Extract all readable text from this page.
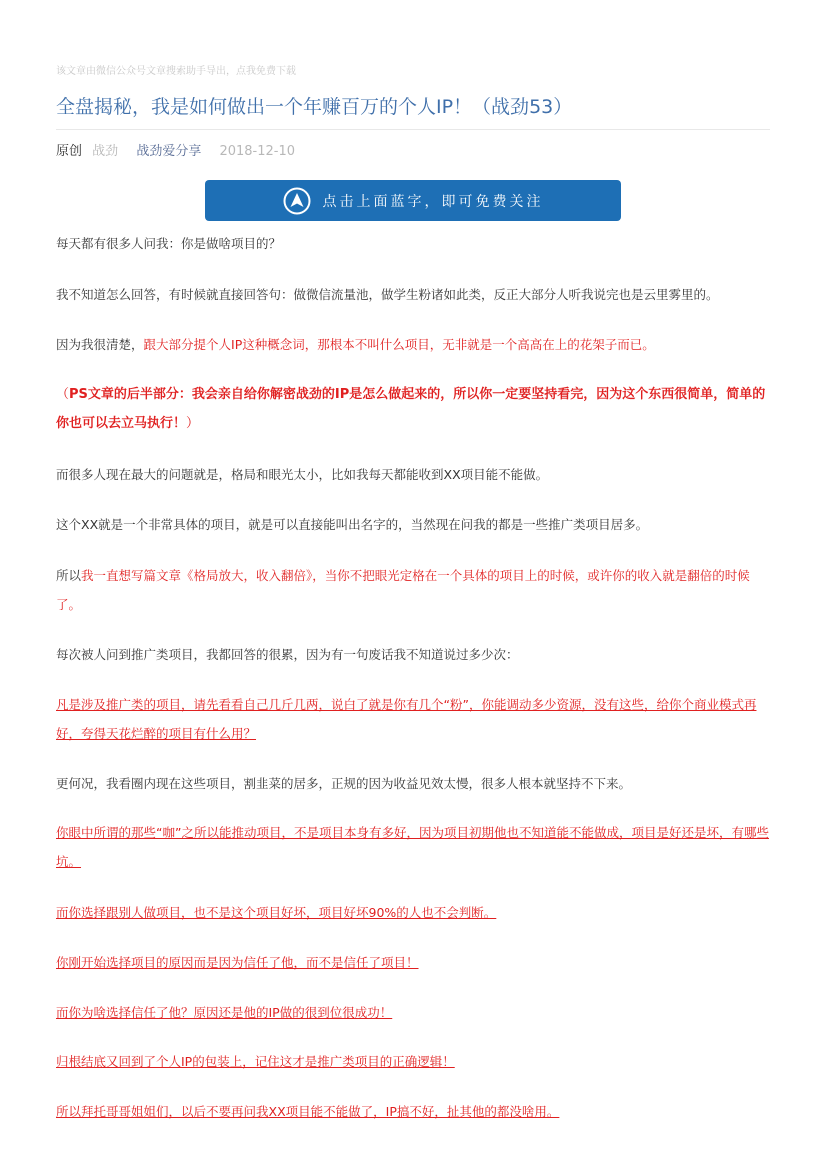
该文章由微信公众号文章搜索助手导出，点我免费下载
全盘揭秘，我是如何做出一个年赚百万的个人IP！（战劲53）
原创 战劲 战劲爱分享 2018-12-10
点击上面蓝字，即可免费关注

每天都有很多人问我：你是做啥项目的？

我不知道怎么回答，有时候就直接回答句：做微信流量池，做学生粉诸如此类，反正大部分人听我说完也是云里雾里的。

因为我很清楚，跟大部分提个人IP这种概念词，那根本不叫什么项目，无非就是一个高高在上的花架子而已。

（PS文章的后半部分：我会亲自给你解密战劲的IP是怎么做起来的，所以你一定要坚持看完，因为这个东西很简单，简单的你也可以去立马执行！）

而很多人现在最大的问题就是，格局和眼光太小，比如我每天都能收到XX项目能不能做。

这个XX就是一个非常具体的项目，就是可以直接能叫出名字的，当然现在问我的都是一些推广类项目居多。

所以我一直想写篇文章《格局放大，收入翻倍》，当你不把眼光定格在一个具体的项目上的时候，或许你的收入就是翻倍的时候了。

每次被人问到推广类项目，我都回答的很累，因为有一句废话我不知道说过多少次：

凡是涉及推广类的项目，请先看看自己几斤几两，说白了就是你有几个“粉”，你能调动多少资源，没有这些，给你个商业模式再好，夸得天花烂醉的项目有什么用？

更何况，我看圈内现在这些项目，割韭菜的居多，正规的因为收益见效太慢，很多人根本就坚持不下来。

你眼中所谓的那些“咖”之所以能推动项目，不是项目本身有多好，因为项目初期他也不知道能不能做成，项目是好还是坏，有哪些坑。

而你选择跟别人做项目，也不是这个项目好坏，项目好坏90%的人也不会判断。

你刚开始选择项目的原因而是因为信任了他，而不是信任了项目！

而你为啥选择信任了他？原因还是他的IP做的很到位很成功！

归根结底又回到了个人IP的包装上，记住这才是推广类项目的正确逻辑！

所以拜托哥哥姐姐们，以后不要再问我XX项目能不能做了，IP搞不好，扯其他的都没啥用。
